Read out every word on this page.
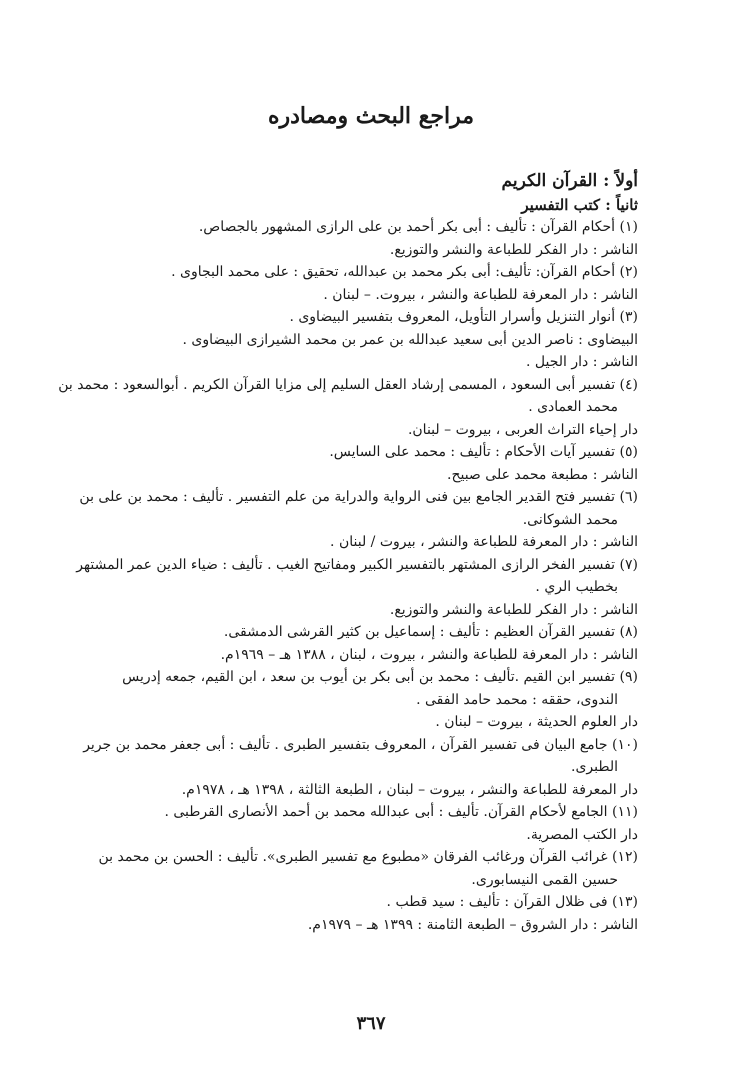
مراجع البحث ومصادره
أولاً : القرآن الكريم
ثانياً : كتب التفسير
(١) أحكام القرآن : تأليف : أبى بكر أحمد بن على الرازى المشهور بالجصاص.
الناشر : دار الفكر للطباعة والنشر والتوزيع.
(٢) أحكام القرآن: تأليف: أبى بكر محمد بن عبدالله، تحقيق : على محمد البجاوى .
الناشر : دار المعرفة للطباعة والنشر ، بيروت. – لبنان .
(٣) أنوار التنزيل وأسرار التأويل، المعروف بتفسير البيضاوى .
البيضاوى : ناصر الدين أبى سعيد عبدالله بن عمر بن محمد الشيرازى البيضاوى .
الناشر : دار الجيل .
(٤) تفسير أبى السعود ، المسمى إرشاد العقل السليم إلى مزايا القرآن الكريم . أبوالسعود : محمد بن
محمد العمادى .
دار إحياء التراث العربى ، بيروت – لبنان.
(٥) تفسير آيات الأحكام : تأليف : محمد على السايس.
الناشر : مطبعة محمد على صبيح.
(٦) تفسير فتح القدير الجامع بين فنى الرواية والدراية من علم التفسير . تأليف : محمد بن على بن
محمد الشوكانى.
الناشر : دار المعرفة للطباعة والنشر ، بيروت / لبنان .
(٧) تفسير الفخر الرازى المشتهر بالتفسير الكبير ومفاتيح الغيب . تأليف : ضياء الدين عمر المشتهر
بخطيب الري .
الناشر : دار الفكر للطباعة والنشر والتوزيع.
(٨) تفسير القرآن العظيم : تأليف : إسماعيل بن كثير القرشى الدمشقى.
الناشر : دار المعرفة للطباعة والنشر ، بيروت ، لبنان ، ١٣٨٨ هـ – ١٩٦٩م.
(٩) تفسير ابن القيم .تأليف : محمد بن أبى بكر بن أيوب بن سعد ، ابن القيم، جمعه إدريس
الندوى، حققه : محمد حامد الفقى .
دار العلوم الحديثة ، بيروت – لبنان .
(١٠) جامع البيان فى تفسير القرآن ، المعروف بتفسير الطبرى . تأليف : أبى جعفر محمد بن جرير
الطبرى.
دار المعرفة للطباعة والنشر ، بيروت – لبنان ، الطبعة الثالثة ، ١٣٩٨ هـ ، ١٩٧٨م.
(١١) الجامع لأحكام القرآن. تأليف : أبى عبدالله محمد بن أحمد الأنصارى القرطبى .
دار الكتب المصرية.
(١٢) غرائب القرآن ورغائب الفرقان «مطبوع مع تفسير الطبرى». تأليف : الحسن بن محمد بن
حسين القمى النيسابورى.
(١٣) فى ظلال القرآن : تأليف : سيد قطب .
الناشر : دار الشروق – الطبعة الثامنة : ١٣٩٩ هـ – ١٩٧٩م.
٣٦٧
